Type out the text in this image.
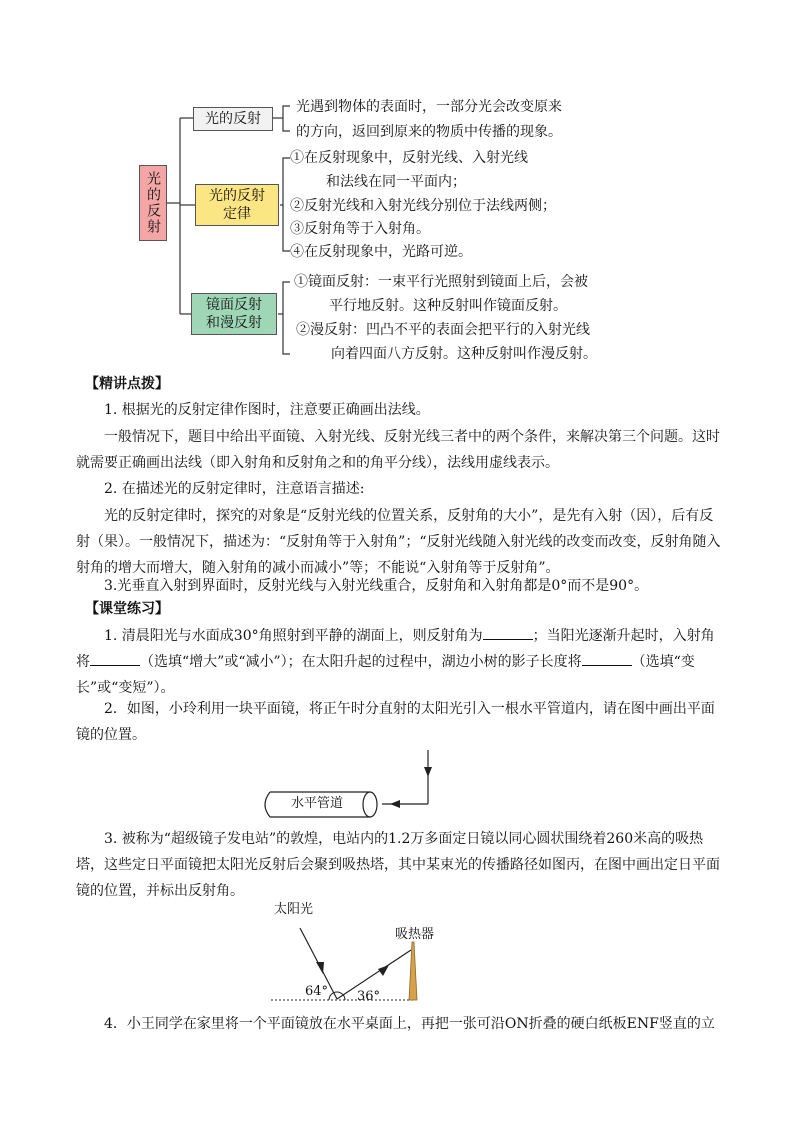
光的反射
光的反射
光的反射定律
镜面反射和漫反射
光遇到物体的表面时，一部分光会改变原来
的方向，返回到原来的物质中传播的现象。
①在反射现象中，反射光线、入射光线
和法线在同一平面内；
②反射光线和入射光线分别位于法线两侧；
③反射角等于入射角。
④在反射现象中，光路可逆。
①镜面反射：一束平行光照射到镜面上后，会被
平行地反射。这种反射叫作镜面反射。
②漫反射：凹凸不平的表面会把平行的入射光线
向着四面八方反射。这种反射叫作漫反射。
【精讲点拨】
1. 根据光的反射定律作图时，注意要正确画出法线。
一般情况下，题目中给出平面镜、入射光线、反射光线三者中的两个条件，来解决第三个问题。这时就需要正确画出法线（即入射角和反射角之和的角平分线），法线用虚线表示。
2. 在描述光的反射定律时，注意语言描述:
光的反射定律时，探究的对象是“反射光线的位置关系，反射角的大小”，是先有入射（因），后有反射（果）。一般情况下，描述为：“反射角等于入射角”；“反射光线随入射光线的改变而改变，反射角随入射角的增大而增大，随入射角的减小而减小”等；不能说“入射角等于反射角”。
3.光垂直入射到界面时，反射光线与入射光线重合，反射角和入射角都是0°而不是90°。
【课堂练习】
1. 清晨阳光与水面成30°角照射到平静的湖面上，则反射角为	；当阳光逐渐升起时，入射角将	（选填“增大”或“减小”）；在太阳升起的过程中，湖边小树的影子长度将	（选填“变长”或“变短”）。
2．如图，小玲利用一块平面镜，将正午时分直射的太阳光引入一根水平管道内，请在图中画出平面镜的位置。
水平管道
3. 被称为“超级镜子发电站”的敦煌，电站内的1.2万多面定日镜以同心圆状围绕着260米高的吸热塔，这些定日平面镜把太阳光反射后会聚到吸热塔，其中某束光的传播路径如图丙，在图中画出定日平面镜的位置，并标出反射角。
太阳光
吸热器
64° 36°
4．小王同学在家里将一个平面镜放在水平桌面上，再把一张可沿ON折叠的硬白纸板ENF竖直的立
